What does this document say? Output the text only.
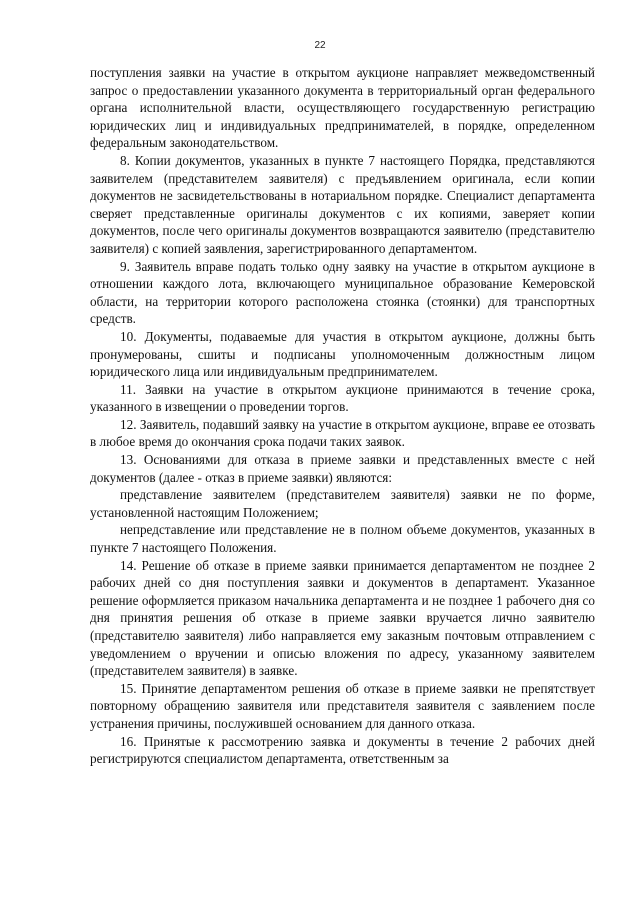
22

поступления заявки на участие в открытом аукционе направляет межведомственный запрос о предоставлении указанного документа в территориальный орган федерального органа исполнительной власти, осуществляющего государственную регистрацию юридических лиц и индивидуальных предпринимателей, в порядке, определенном федеральным законодательством.

8. Копии документов, указанных в пункте 7 настоящего Порядка, представляются заявителем (представителем заявителя) с предъявлением оригинала, если копии документов не засвидетельствованы в нотариальном порядке. Специалист департамента сверяет представленные оригиналы документов с их копиями, заверяет копии документов, после чего оригиналы документов возвращаются заявителю (представителю заявителя) с копией заявления, зарегистрированного департаментом.

9. Заявитель вправе подать только одну заявку на участие в открытом аукционе в отношении каждого лота, включающего муниципальное образование Кемеровской области, на территории которого расположена стоянка (стоянки) для транспортных средств.

10. Документы, подаваемые для участия в открытом аукционе, должны быть пронумерованы, сшиты и подписаны уполномоченным должностным лицом юридического лица или индивидуальным предпринимателем.

11. Заявки на участие в открытом аукционе принимаются в течение срока, указанного в извещении о проведении торгов.

12. Заявитель, подавший заявку на участие в открытом аукционе, вправе ее отозвать в любое время до окончания срока подачи таких заявок.

13. Основаниями для отказа в приеме заявки и представленных вместе с ней документов (далее - отказ в приеме заявки) являются:

представление заявителем (представителем заявителя) заявки не по форме, установленной настоящим Положением;

непредставление или представление не в полном объеме документов, указанных в пункте 7 настоящего Положения.

14. Решение об отказе в приеме заявки принимается департаментом не позднее 2 рабочих дней со дня поступления заявки и документов в департамент. Указанное решение оформляется приказом начальника департамента и не позднее 1 рабочего дня со дня принятия решения об отказе в приеме заявки вручается лично заявителю (представителю заявителя) либо направляется ему заказным почтовым отправлением с уведомлением о вручении и описью вложения по адресу, указанному заявителем (представителем заявителя) в заявке.

15. Принятие департаментом решения об отказе в приеме заявки не препятствует повторному обращению заявителя или представителя заявителя с заявлением после устранения причины, послужившей основанием для данного отказа.

16. Принятые к рассмотрению заявка и документы в течение 2 рабочих дней регистрируются специалистом департамента, ответственным за
